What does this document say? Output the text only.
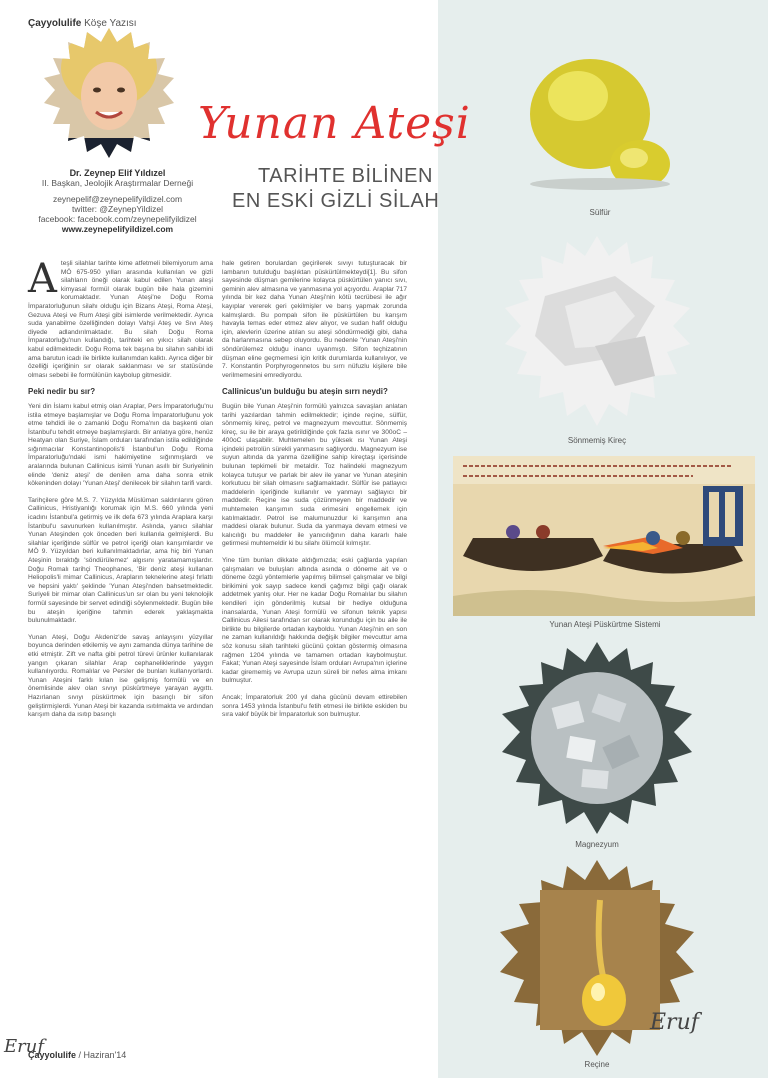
Çayyolulife Köşe Yazısı
Dr. Zeynep Elif Yıldızel
II. Başkan, Jeolojik Araştırmalar Derneği
zeynepelif@zeynepelifyildizel.com
twitter: @ZeynepYildizel
facebook: facebook.com/zeynepelifyildizel
www.zeynepelifyildizel.com
Yunan Ateşi
TARİHTE BİLİNEN
EN ESKİ GİZLİ SİLAH

Ateşli silahlar tarihte kime atfetmeli bilemiyorum ama MÖ 675-950 yılları arasında kullanılan ve gizli silahların öneği olarak kabul edilen Yunan ateşi kimyasal formül olarak bugün bile hala gizemini korumaktadır. Yunan Ateşi'ne Doğu Roma İmparatorluğunun silahı olduğu için Bizans Ateşi, Roma Ateşi, Gezuva Ateşi ve Rum Ateşi gibi isimlerde verilmektedir. Ayrıca suda yanabilme özelliğinden dolayı Vahşi Ateş ve Sıvı Ateş diyede adlandırılmaktadır. Bu silah Doğu Roma İmparatorluğu'nun kullandığı, tarihteki en yıkıcı silah olarak kabul edilmektedir. Doğu Roma tek başına bu silahın sahibi idi ama barutun icadı ile birlikte kullanımdan kalktı. Ayrıca diğer bir özelliği içeriğinin sır olarak saklanması ve sır statüsünde olması sebebi ile formülünün kaybolup gitmesidir.

Peki nedir bu sır?

Yeni din İslamı kabul etmiş olan Araplar, Pers İmparatorluğu'nu istila etmeye başlamışlar ve Doğu Roma İmparatorluğunu yok etme tehdidi ile o zamanki Doğu Roma'nın da başkenti olan İstanbul'u tehdit etmeye başlamışlardı. Bir anlatıya göre, henüz Heatyan olan Suriye, İslam orduları tarafından istila edildiğinde sığınmacılar Konstantinopolis'ti İstanbul'un Doğu Roma İmparatorluğu'ndaki ismi hakimiyetine sığınmışlardı ve aralarında bulunan Callinicus isimli Yunan asıllı bir Suriyelinin elinde 'deniz ateşi' de denilen ama daha sonra etnik kökeninden dolayı 'Yunan Ateşi' denilecek bir silahın tarifi vardı.

Tarihçilere göre M.S. 7. Yüzyılda Müslüman saldırılarını gören Callinicus, Hristiyanlığı korumak için M.S. 660 yılında yeni icadını İstanbul'a getirmiş ve ilk defa 673 yılında Araplara karşı İstanbul'u savunurken kullanılmıştır. Aslında, yanıcı silahlar Yunan Ateşinden çok önceden beri kullanıla gelmişlerdi. Bu silahlar içeriğinde sülfür ve petrol içeriği olan karışımlardır ve MÖ 9. Yüzyıldan beri kullanılmaktadırlar, ama hiç biri Yunan Ateşinin bıraktığı 'söndürülemez' algısını yaratamamışlardır. Doğu Romalı tarihçi Theophanes, 'Bir deniz ateşi kullanan Heliopolis'li mimar Callinicus, Arapların teknelerine ateşi fırlattı ve hepsini yaktı' şeklinde 'Yunan Ateşi'nden bahsetmektedir. Suriyeli bir mimar olan Callinicus'un sır olan bu yeni teknolojik formül sayesinde bir servet edindiği söylenmektedir. Bugün bile bu ateşin içeriğine tahmin ederek yaklaşmakta bulunulmaktadır.

Yunan Ateşi, Doğu Akdeniz'de savaş anlayışını yüzyıllar boyunca derinden etkilemiş ve aynı zamanda dünya tarihine de etki etmiştir. Zift ve nafta gibi petrol türevi ürünler kullanılarak yangın çıkaran silahlar Arap cephaneliklerinde yaygın kullanılıyordu. Romalılar ve Persler de bunları kullanıyorlardı. Yunan Ateşini farklı kılan ise gelişmiş formülü ve en önemlisinde alev olan sıvıyı püskürtmeye yarayan aygıttı. Hazırlanan sıvıyı püskürtmek için basınçlı bir sifon geliştirmişlerdi. Yunan Ateşi bir kazanda ısıtılmakta ve ardından karışım daha da ısıtıp basınçlı

hale getiren borulardan geçirilerek sıvıyı tutuşturacak bir lambanın tutulduğu başlıktan püskürtülmekteydi[1]. Bu sifon sayesinde düşman gemilerine kolayca püskürtülen yanıcı sıvı, geminin alev almasına ve yanmasına yol açıyordu. Araplar 717 yılında bir kez daha Yunan Ateşi'nin kötü tecrübesi ile ağır kayıplar vererek geri çekilmişler ve barış yapmak zorunda kalmışlardı. Bu pompalı sifon ile püskürtülen bu karışım havayla temas eder etmez alev alıyor, ve sudan hafif olduğu için, alevlerin üzerine atılan su ateşi söndürmediği gibi, daha da harlanmasına sebep oluyordu. Bu nedenle 'Yunan Ateşi'nin söndürülemez olduğu inancı uyanmıştı. Sifon teçhizatının düşman eline geçmemesi için kritik durumlarda kullanılıyor, ve 7. Konstantin Porphyrogennetos bu sırrı nüfuzlu kişilere bile verilmemesini emrediyordu.

Callinicus'un bulduğu bu ateşin sırrı neydi?

Bugün bile Yunan Ateşi'nin formülü yalnızca savaşları anlatan tarihi yazılardan tahmin edilmektedir; içinde reçine, sülfür, sönmemiş kireç, petrol ve magnezyum mevcuttur. Sönmemiş kireç, su ile bir araya getirildiğinde çok fazla ısınır ve 300oC – 400oC ulaşabilir. Muhtemelen bu yüksek ısı Yunan Ateşi içindeki petrolün sürekli yanmasını sağlıyordu. Magnezyum ise suyun altında da yanma özelliğine sahip kireçtaşı içerisinde bulunan tepkimeli bir metaldir. Toz halindeki magnezyum kolayca tutuşur ve parlak bir alev ile yanar ve Yunan ateşinin korkutucu bir silah olmasını sağlamaktadır. Sülfür ise patlayıcı maddelerin içeriğinde kullanılır ve yanmayı sağlayıcı bir maddedir. Reçine ise suda çözünmeyen bir maddedir ve muhtemelen karışımın suda erimesini engellemek için katılmaktadır. Petrol ise malumunuzdur ki karışımın ana maddesi olarak bulunur. Suda da yanmaya devam etmesi ve kalıcılığı bu maddeler ile yanıcılığının daha kararlı hale getirmesi muhtemeldir ki bu silahı ölümcül kılmıştır.

Yine tüm bunları dikkate aldığımızda; eski çağlarda yapılan çalışmaları ve buluşları altında asında o döneme ait ve o döneme özgü yöntemlerle yapılmış bilimsel çalışmalar ve bilgi birikimini yok sayıp sadece kendi çağımız bilgi çağı olarak addetmek yanlış olur. Her ne kadar Doğu Romalılar bu silahın kendileri için gönderilmiş kutsal bir hediye olduğuna inansalarda, Yunan Ateşi formülü ve sifonun teknik yapısı Callinicus Ailesi tarafından sır olarak korunduğu için bu aile ile birlikte bu bilgilerde ortadan kayboldu. Yunan Ateşi'nin en son ne zaman kullanıldığı hakkında değişik bilgiler mevcuttur ama söz konusu silah tarihteki gücünü çoktan göstermiş olmasına rağmen 1204 yılında ve tamamen ortadan kaybolmuştur. Fakat; Yunan Ateşi sayesinde İslam orduları Avrupa'nın içlerine kadar girememiş ve Avrupa uzun süreli bir nefes alma imkanı bulmuştur.

Ancak; İmparatorluk 200 yıl daha gücünü devam ettirebilen sonra 1453 yılında İstanbul'u fetih etmesi ile birlikte eskiden bu sıra vakıf büyük bir İmparatorluk son bulmuştur.

Sülfür
Sönmemiş Kireç
Yunan Ateşi Püskürtme Sistemi
Magnezyum
Reçine
Eruf
Eruf
Çayyolulife / Haziran'14
